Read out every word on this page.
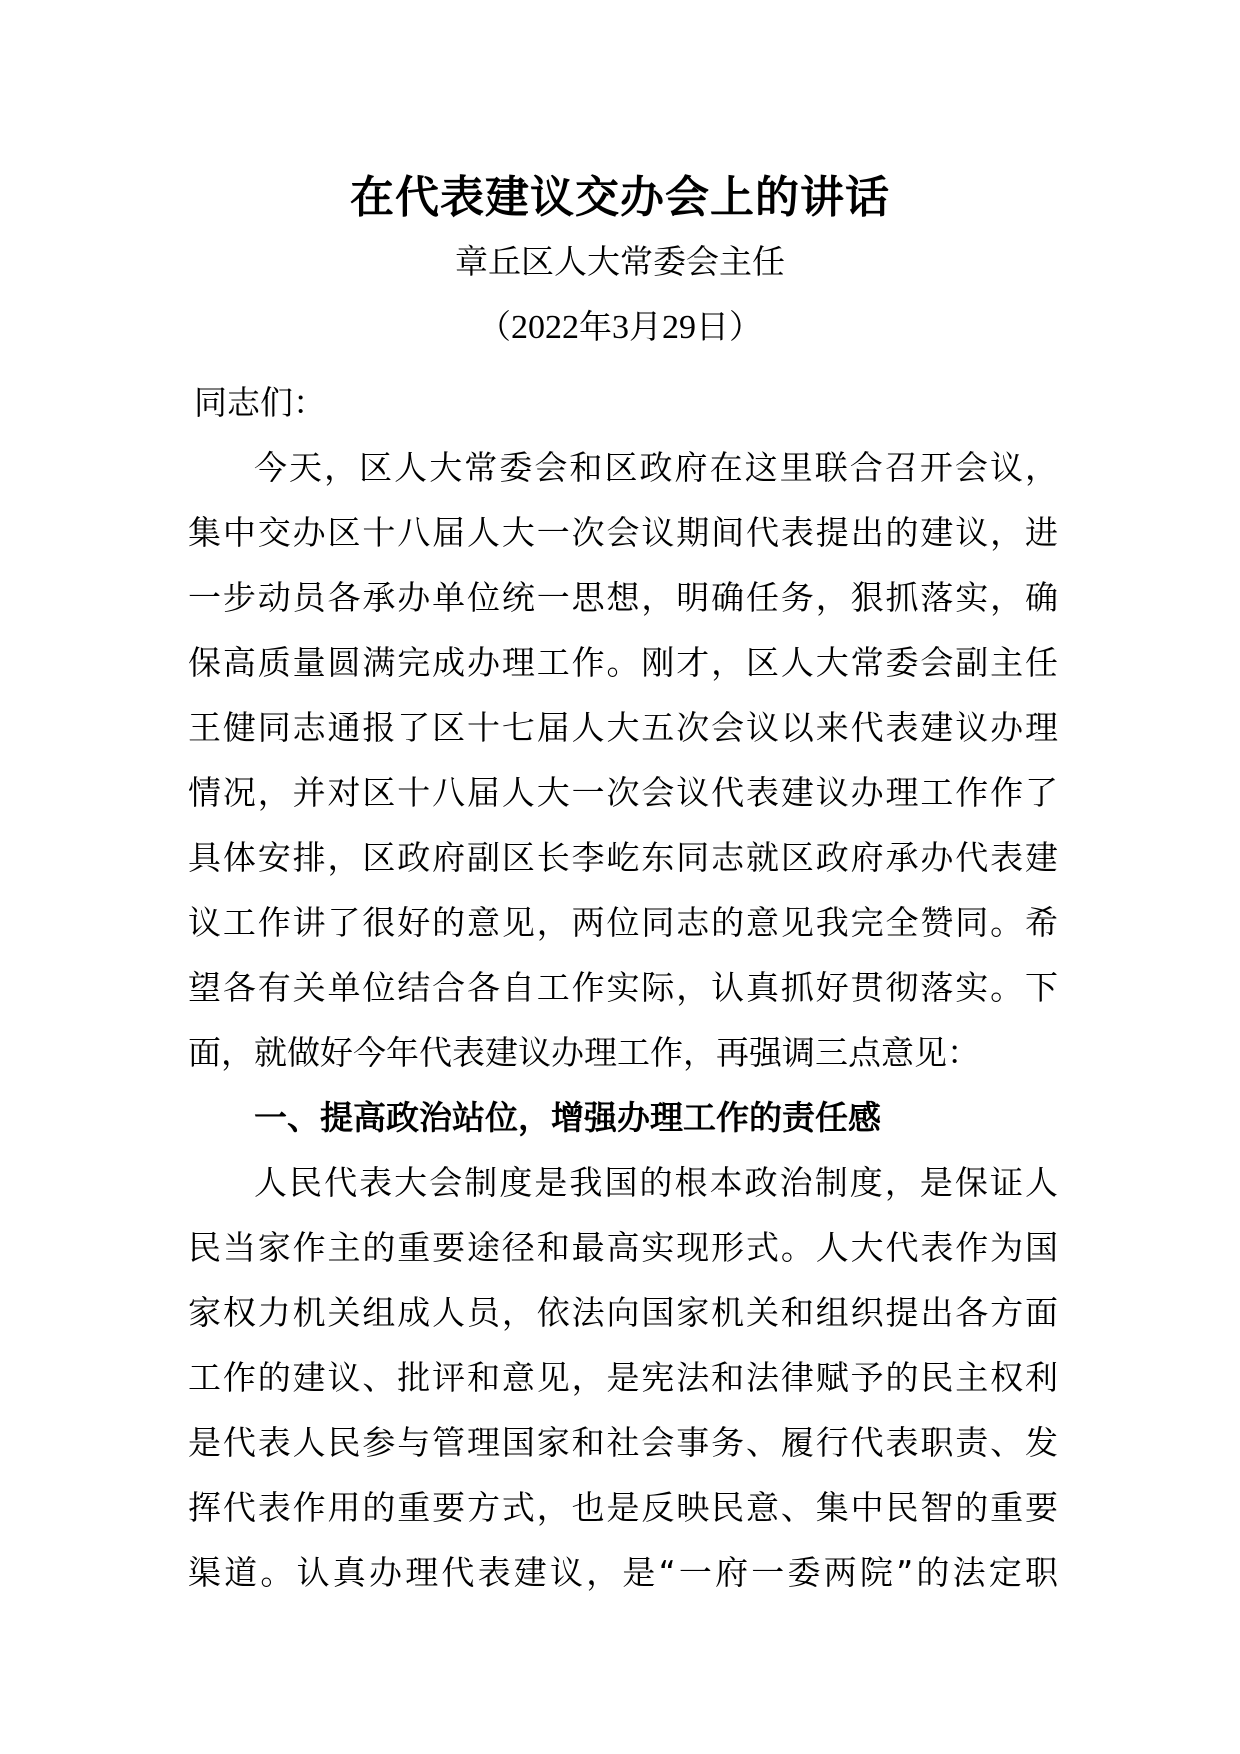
在代表建议交办会上的讲话
章丘区人大常委会主任
（2022年3月29日）
同志们：
今天，区人大常委会和区政府在这里联合召开会议，
集中交办区十八届人大一次会议期间代表提出的建议，进
一步动员各承办单位统一思想，明确任务，狠抓落实，确
保高质量圆满完成办理工作。刚才，区人大常委会副主任
王健同志通报了区十七届人大五次会议以来代表建议办理
情况，并对区十八届人大一次会议代表建议办理工作作了
具体安排，区政府副区长李屹东同志就区政府承办代表建
议工作讲了很好的意见，两位同志的意见我完全赞同。希
望各有关单位结合各自工作实际，认真抓好贯彻落实。下
面，就做好今年代表建议办理工作，再强调三点意见：
一、提高政治站位，增强办理工作的责任感
人民代表大会制度是我国的根本政治制度，是保证人
民当家作主的重要途径和最高实现形式。人大代表作为国
家权力机关组成人员，依法向国家机关和组织提出各方面
工作的建议、批评和意见，是宪法和法律赋予的民主权利
是代表人民参与管理国家和社会事务、履行代表职责、发
挥代表作用的重要方式，也是反映民意、集中民智的重要
渠道。认真办理代表建议，是“一府一委两院”的法定职
